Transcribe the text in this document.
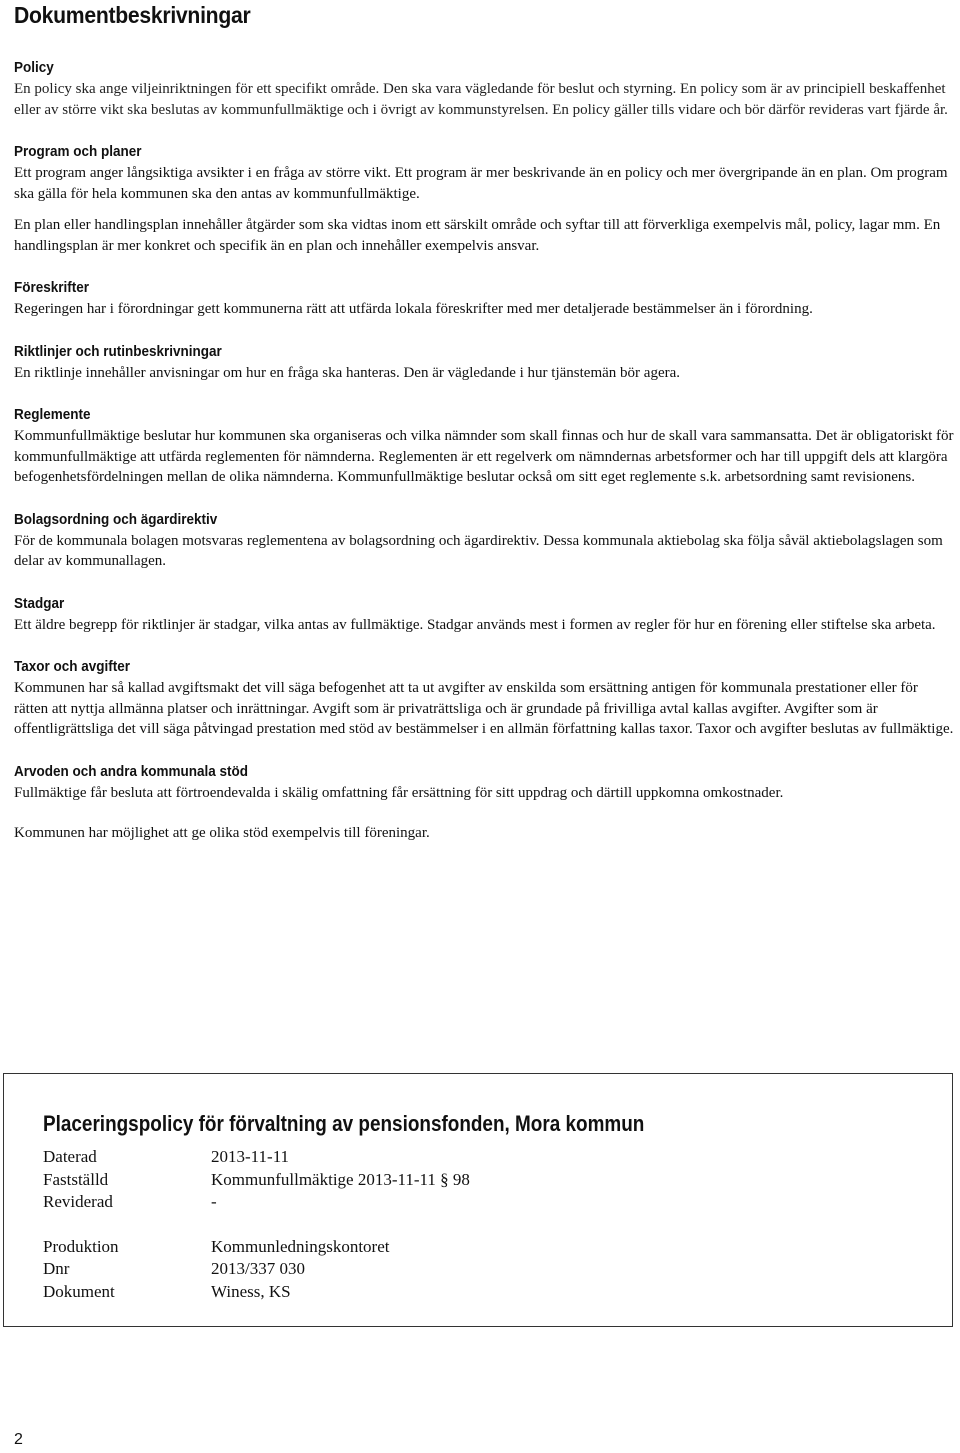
Dokumentbeskrivningar
Policy

En policy ska ange viljeinriktningen för ett specifikt område. Den ska vara vägledande för beslut och styrning. En policy som är av principiell beskaffenhet eller av större vikt ska beslutas av kommunfullmäktige och i övrigt av kommunstyrelsen. En policy gäller tills vidare och bör därför revideras vart fjärde år.

Program och planer

Ett program anger långsiktiga avsikter i en fråga av större vikt. Ett program är mer beskrivande än en policy och mer övergripande än en plan. Om program ska gälla för hela kommunen ska den antas av kommunfullmäktige.

En plan eller handlingsplan innehåller åtgärder som ska vidtas inom ett särskilt område och syftar till att förverkliga exempelvis mål, policy, lagar mm. En handlingsplan är mer konkret och specifik än en plan och innehåller exempelvis ansvar.

Föreskrifter

Regeringen har i förordningar gett kommunerna rätt att utfärda lokala föreskrifter med mer detaljerade bestämmelser än i förordning.

Riktlinjer och rutinbeskrivningar

En riktlinje innehåller anvisningar om hur en fråga ska hanteras. Den är vägledande i hur tjänstemän bör agera.

Reglemente

Kommunfullmäktige beslutar hur kommunen ska organiseras och vilka nämnder som skall finnas och hur de skall vara sammansatta. Det är obligatoriskt för kommunfullmäktige att utfärda reglementen för nämnderna. Reglementen är ett regelverk om nämndernas arbetsformer och har till uppgift dels att klargöra befogenhetsfördelningen mellan de olika nämnderna. Kommunfullmäktige beslutar också om sitt eget reglemente s.k. arbetsordning samt revisionens.

Bolagsordning och ägardirektiv

För de kommunala bolagen motsvaras reglementena av bolagsordning och ägardirektiv. Dessa kommunala aktiebolag ska följa såväl aktiebolagslagen som delar av kommunallagen.

Stadgar

Ett äldre begrepp för riktlinjer är stadgar, vilka antas av fullmäktige. Stadgar används mest i formen av regler för hur en förening eller stiftelse ska arbeta.

Taxor och avgifter

Kommunen har så kallad avgiftsmakt det vill säga befogenhet att ta ut avgifter av enskilda som ersättning antigen för kommunala prestationer eller för rätten att nyttja allmänna platser och inrättningar. Avgift som är privaträttsliga och är grundade på frivilliga avtal kallas avgifter. Avgifter som är offentligrättsliga det vill säga påtvingad prestation med stöd av bestämmelser i en allmän författning kallas taxor. Taxor och avgifter beslutas av fullmäktige.

Arvoden och andra kommunala stöd

Fullmäktige får besluta att förtroendevalda i skälig omfattning får ersättning för sitt uppdrag och därtill uppkomna omkostnader.

Kommunen har möjlighet att ge olika stöd exempelvis till föreningar.

Placeringspolicy för förvaltning av pensionsfonden, Mora kommun
Daterad	2013-11-11
Fastställd	Kommunfullmäktige 2013-11-11 § 98
Reviderad	-
Produktion	Kommunledningskontoret
Dnr	2013/337 030
Dokument	Winess, KS
2
